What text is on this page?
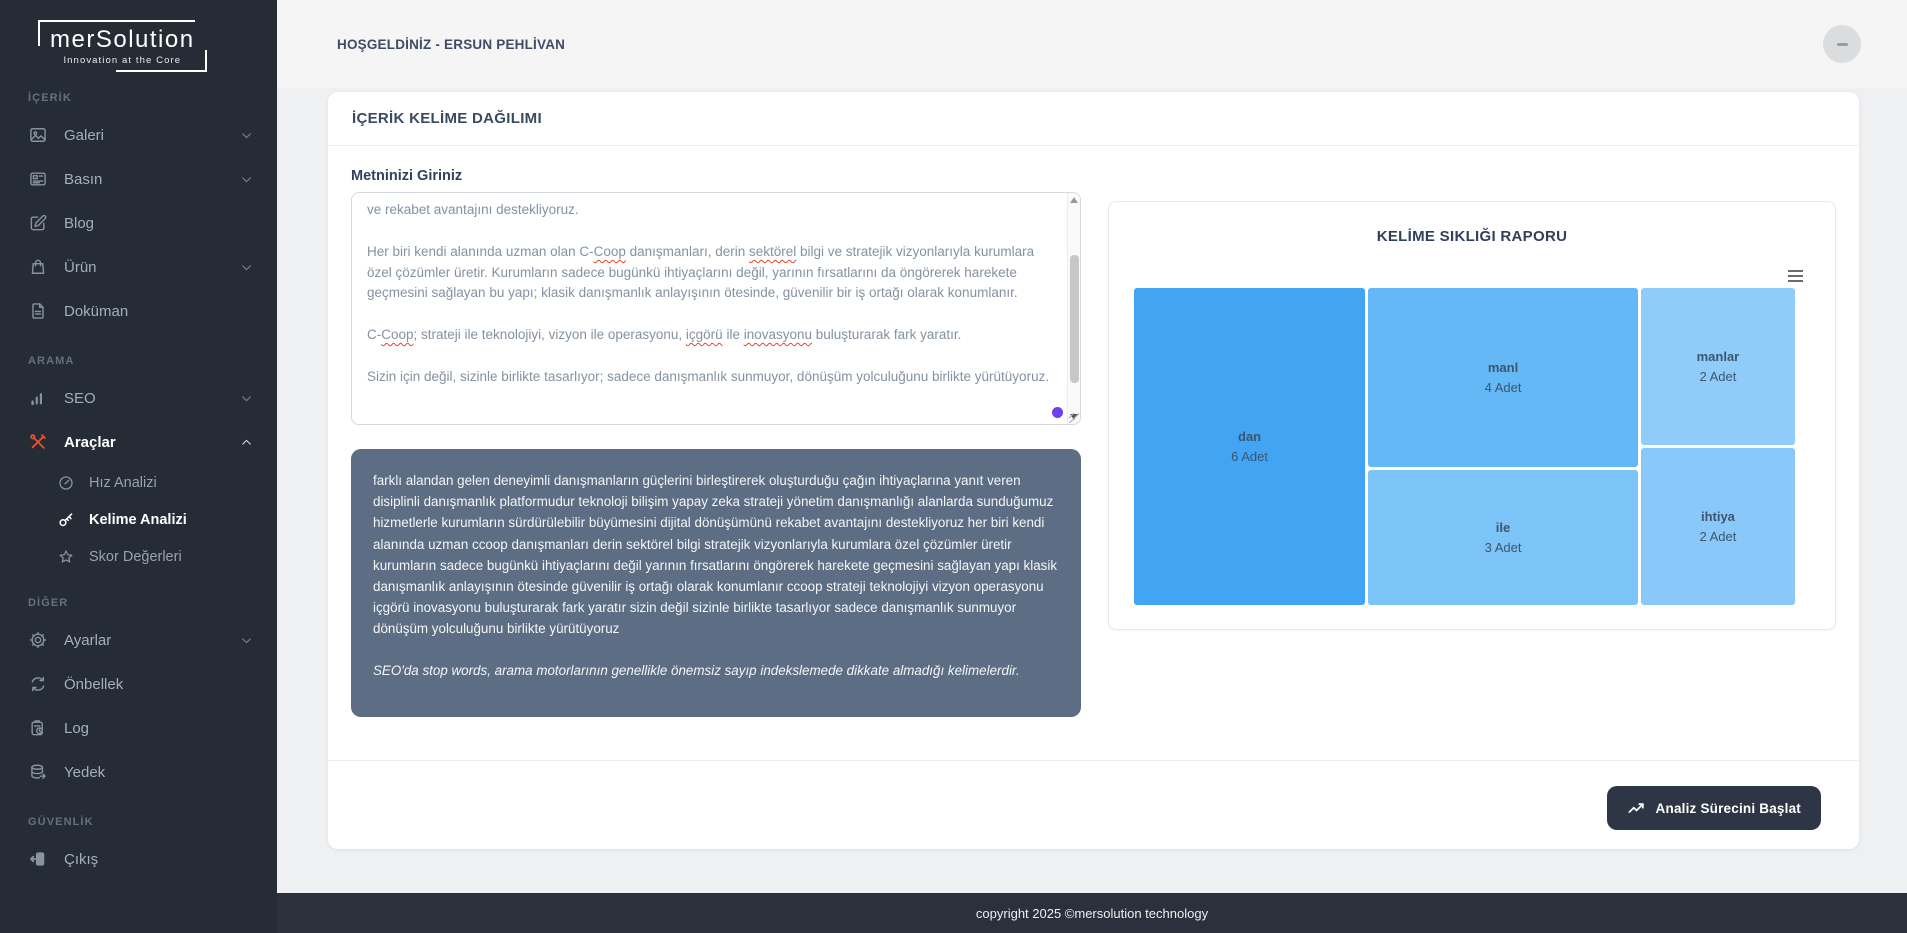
merSolution
Innovation at the Core
İÇERİK
Galeri
Basın
Blog
Ürün
Doküman
ARAMA
SEO
Araçlar
Hız Analizi
Kelime Analizi
Skor Değerleri
DİĞER
Ayarlar
Önbellek
Log
Yedek
GÜVENLİK
Çıkış
HOŞGELDİNİZ - ERSUN PEHLİVAN
İÇERİK KELİME DAĞILIMI
Metninizi Giriniz

ve rekabet avantajını destekliyoruz.

Her biri kendi alanında uzman olan C-Coop danışmanları, derin sektörel bilgi ve stratejik vizyonlarıyla kurumlara özel çözümler üretir. Kurumların sadece bugünkü ihtiyaçlarını değil, yarının fırsatlarını da öngörerek harekete geçmesini sağlayan bu yapı; klasik danışmanlık anlayışının ötesinde, güvenilir bir iş ortağı olarak konumlanır.

C-Coop; strateji ile teknolojiyi, vizyon ile operasyonu, içgörü ile inovasyonu buluşturarak fark yaratır.

Sizin için değil, sizinle birlikte tasarlıyor; sadece danışmanlık sunmuyor, dönüşüm yolculuğunu birlikte yürütüyoruz.

farklı alandan gelen deneyimli danışmanların güçlerini birleştirerek oluşturduğu çağın ihtiyaçlarına yanıt veren disiplinli danışmanlık platformudur teknoloji bilişim yapay zeka strateji yönetim danışmanlığı alanlarda sunduğumuz hizmetlerle kurumların sürdürülebilir büyümesini dijital dönüşümünü rekabet avantajını destekliyoruz her biri kendi alanında uzman ccoop danışmanları derin sektörel bilgi stratejik vizyonlarıyla kurumlara özel çözümler üretir kurumların sadece bugünkü ihtiyaçlarını değil yarının fırsatlarını öngörerek harekete geçmesini sağlayan yapı klasik danışmanlık anlayışının ötesinde güvenilir iş ortağı olarak konumlanır ccoop strateji teknolojiyi vizyon operasyonu içgörü inovasyonu buluşturarak fark yaratır sizin değil sizinle birlikte tasarlıyor sadece danışmanlık sunmuyor dönüşüm yolculuğunu birlikte yürütüyoruz

SEO'da stop words, arama motorlarının genellikle önemsiz sayıp indekslemede dikkate almadığı kelimelerdir.

KELİME SIKLIĞI RAPORU
dan
6 Adet
manl
4 Adet
ile
3 Adet
manlar
2 Adet
ihtiya
2 Adet
Analiz Sürecini Başlat
copyright 2025 ©mersolution technology
